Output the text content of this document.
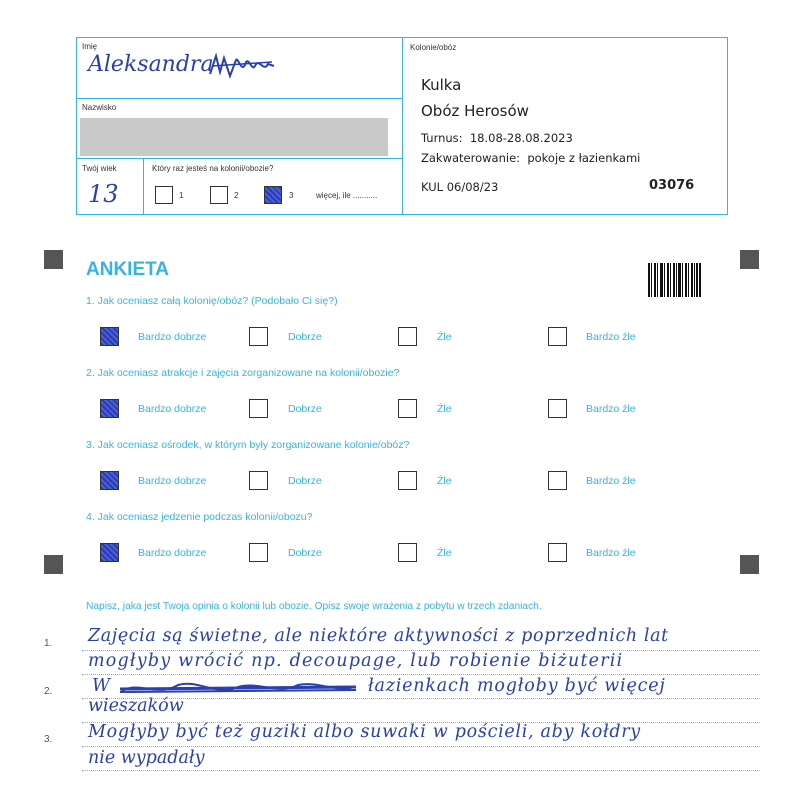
Imię
Aleksandra
Nazwisko
Twój wiek
13
Który raz jesteś na kolonii/obozie?
1	2	3	więcej, ile ...........
Kolonie/obóz
Kulka
Obóz Herosów
Turnus:  18.08-28.08.2023
Zakwaterowanie:  pokoje z łazienkami
KUL 06/08/23	03076
ANKIETA
1. Jak oceniasz całą kolonię/obóz? (Podobało Ci się?)
Bardzo dobrze	Dobrze	Źle	Bardzo źle
2. Jak oceniasz atrakcje i zajęcia zorganizowane na kolonii/obozie?
Bardzo dobrze	Dobrze	Źle	Bardzo źle
3. Jak oceniasz ośrodek, w którym były zorganizowane kolonie/obóz?
Bardzo dobrze	Dobrze	Źle	Bardzo źle
4. Jak oceniasz jedzenie podczas kolonii/obozu?
Bardzo dobrze	Dobrze	Źle	Bardzo źle
Napisz, jaka jest Twoja opinia o kolonii lub obozie. Opisz swoje wrażenia z pobytu w trzech zdaniach.
1.
2.
3.
Zajęcia są świetne, ale niektóre aktywności z poprzednich lat
mogłyby wrócić np. decoupage, lub robienie biżuterii
W	łazienkach mogłoby być więcej
wieszaków
Mogłyby być też guziki albo suwaki w pościeli, aby kołdry
nie wypadały
